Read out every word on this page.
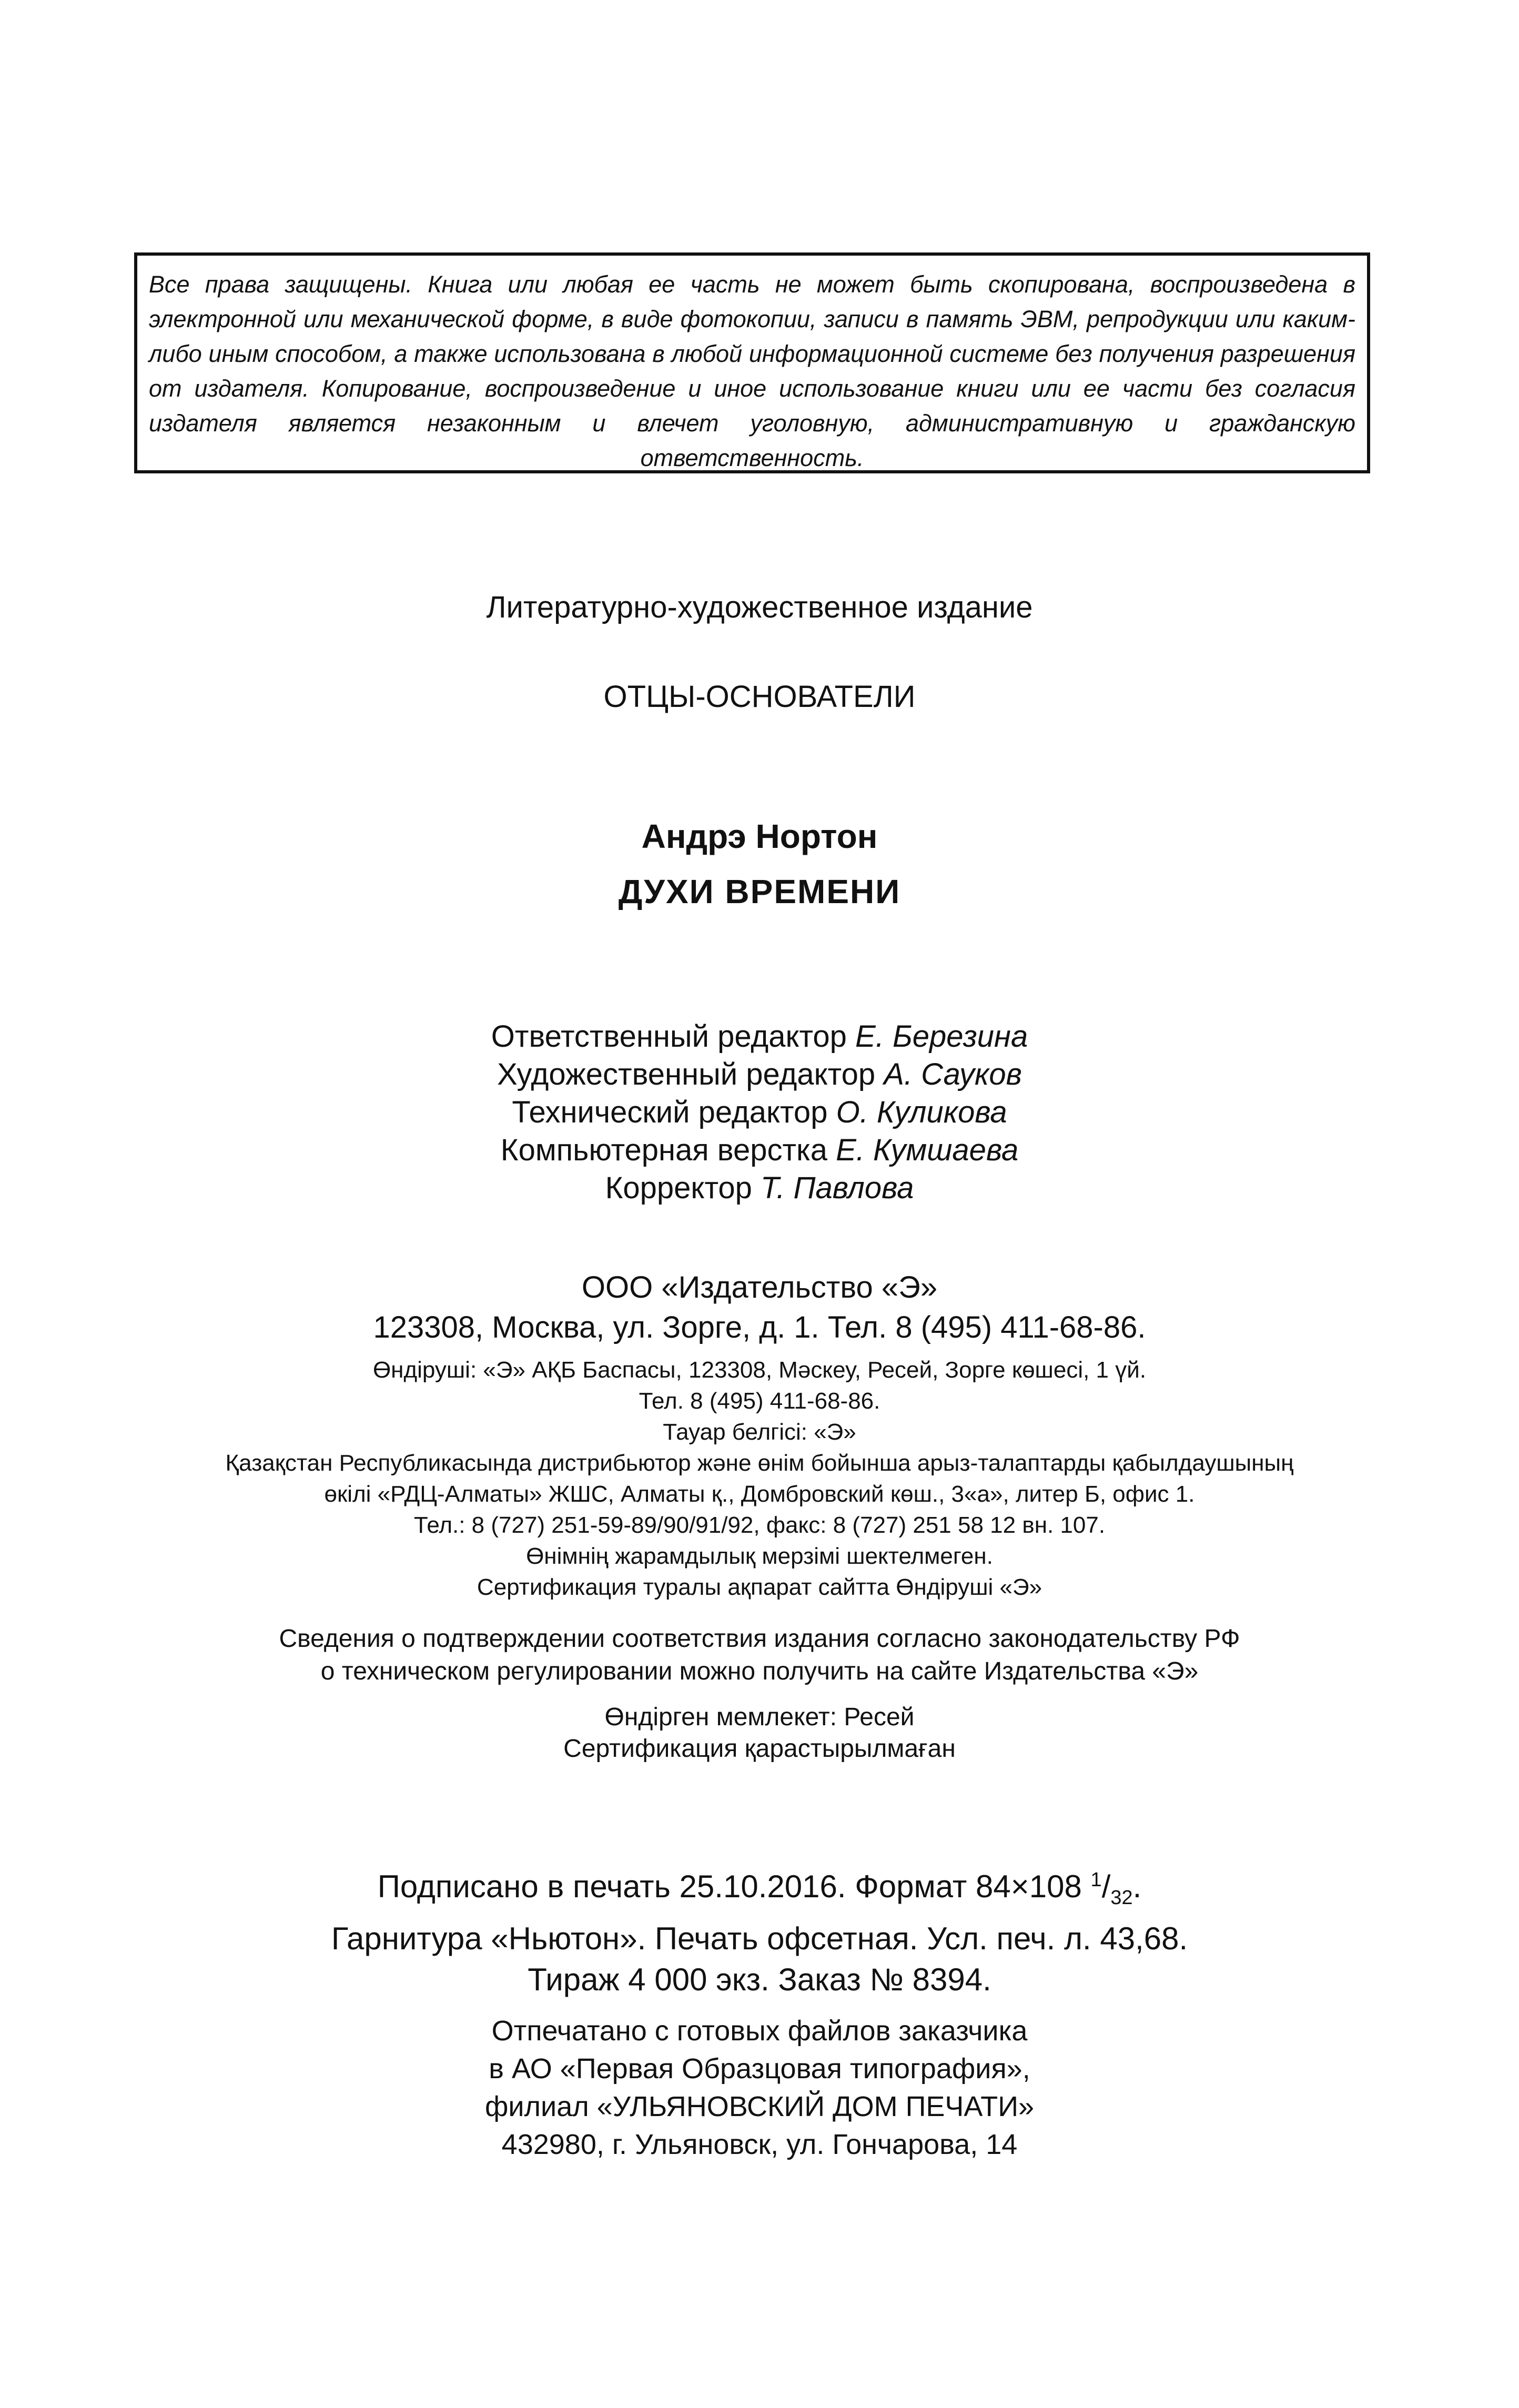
Все права защищены. Книга или любая ее часть не может быть скопирована, воспроизведена в электронной или механической форме, в виде фотокопии, записи в память ЭВМ, репродукции или каким-либо иным способом, а также использована в любой информационной системе без получения разрешения от издателя. Копирование, воспроизведение и иное использование книги или ее части без согласия издателя является незаконным и влечет уголовную, административную и гражданскую ответственность.

Литературно-художественное издание
ОТЦЫ-ОСНОВАТЕЛИ
Андрэ Нортон
ДУХИ ВРЕМЕНИ
Ответственный редактор Е. Березина
Художественный редактор А. Сауков
Технический редактор О. Куликова
Компьютерная верстка Е. Кумшаева
Корректор Т. Павлова
ООО «Издательство «Э»
123308, Москва, ул. Зорге, д. 1. Тел. 8 (495) 411-68-86.
Өндіруші: «Э» АҚБ Баспасы, 123308, Мәскеу, Ресей, Зорге көшесі, 1 үй.
Тел. 8 (495) 411-68-86.
Тауар белгісі: «Э»
Қазақстан Республикасында дистрибьютор және өнім бойынша арыз-талаптарды қабылдаушының
өкілі «РДЦ-Алматы» ЖШС, Алматы қ., Домбровский көш., 3«а», литер Б, офис 1.
Тел.: 8 (727) 251-59-89/90/91/92, факс: 8 (727) 251 58 12 вн. 107.
Өнімнің жарамдылық мерзімі шектелмеген.
Сертификация туралы ақпарат сайтта Өндіруші «Э»
Сведения о подтверждении соответствия издания согласно законодательству РФ
о техническом регулировании можно получить на сайте Издательства «Э»
Өндірген мемлекет: Ресей
Сертификация қарастырылмаған
Подписано в печать 25.10.2016. Формат 84×108 $^1/_{32}$.
Гарнитура «Ньютон». Печать офсетная. Усл. печ. л. 43,68.
Тираж 4 000 экз. Заказ № 8394.
Отпечатано с готовых файлов заказчика
в АО «Первая Образцовая типография»,
филиал «УЛЬЯНОВСКИЙ ДОМ ПЕЧАТИ»
432980, г. Ульяновск, ул. Гончарова, 14
